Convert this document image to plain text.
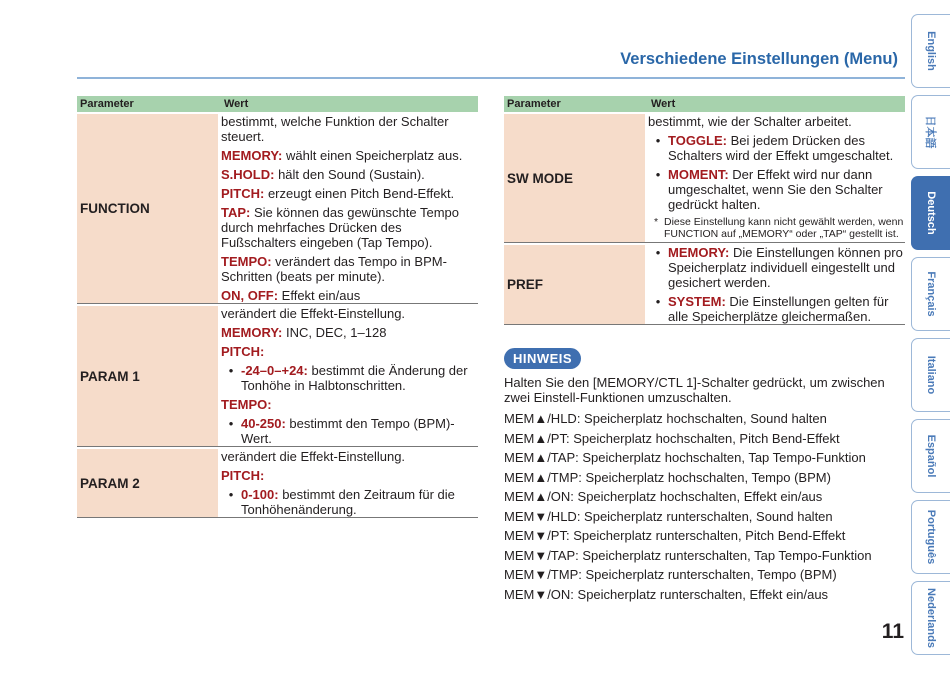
Verschiedene Einstellungen (Menu)
Parameter	Wert
FUNCTION
bestimmt, welche Funktion der Schalter steuert.
MEMORY: wählt einen Speicherplatz aus.
S.HOLD: hält den Sound (Sustain).
PITCH: erzeugt einen Pitch Bend-Effekt.
TAP: Sie können das gewünschte Tempo durch mehrfaches Drücken des Fußschalters eingeben (Tap Tempo).
TEMPO: verändert das Tempo in BPM-Schritten (beats per minute).
ON, OFF: Effekt ein/aus
PARAM 1
verändert die Effekt-Einstellung.
MEMORY: INC, DEC, 1–128
PITCH:
• -24–0–+24: bestimmt die Änderung der Tonhöhe in Halbtonschritten.
TEMPO:
• 40-250: bestimmt den Tempo (BPM)-Wert.
PARAM 2
verändert die Effekt-Einstellung.
PITCH:
• 0-100: bestimmt den Zeitraum für die Tonhöhenänderung.
Parameter	Wert
SW MODE
bestimmt, wie der Schalter arbeitet.
• TOGGLE: Bei jedem Drücken des Schalters wird der Effekt umgeschaltet.
• MOMENT: Der Effekt wird nur dann umgeschaltet, wenn Sie den Schalter gedrückt halten.
* Diese Einstellung kann nicht gewählt werden, wenn FUNCTION auf „MEMORY“ oder „TAP“ gestellt ist.
PREF
• MEMORY: Die Einstellungen können pro Speicherplatz individuell eingestellt und gesichert werden.
• SYSTEM: Die Einstellungen gelten für alle Speicherplätze gleichermaßen.
HINWEIS
Halten Sie den [MEMORY/CTL 1]-Schalter gedrückt, um zwischen zwei Einstell-Funktionen umzuschalten.
MEM▲/HLD: Speicherplatz hochschalten, Sound halten
MEM▲/PT: Speicherplatz hochschalten, Pitch Bend-Effekt
MEM▲/TAP: Speicherplatz hochschalten, Tap Tempo-Funktion
MEM▲/TMP: Speicherplatz hochschalten, Tempo (BPM)
MEM▲/ON: Speicherplatz hochschalten, Effekt ein/aus
MEM▼/HLD: Speicherplatz runterschalten, Sound halten
MEM▼/PT: Speicherplatz runterschalten, Pitch Bend-Effekt
MEM▼/TAP: Speicherplatz runterschalten, Tap Tempo-Funktion
MEM▼/TMP: Speicherplatz runterschalten, Tempo (BPM)
MEM▼/ON: Speicherplatz runterschalten, Effekt ein/aus
11
English
日本語
Deutsch
Français
Italiano
Español
Português
Nederlands
